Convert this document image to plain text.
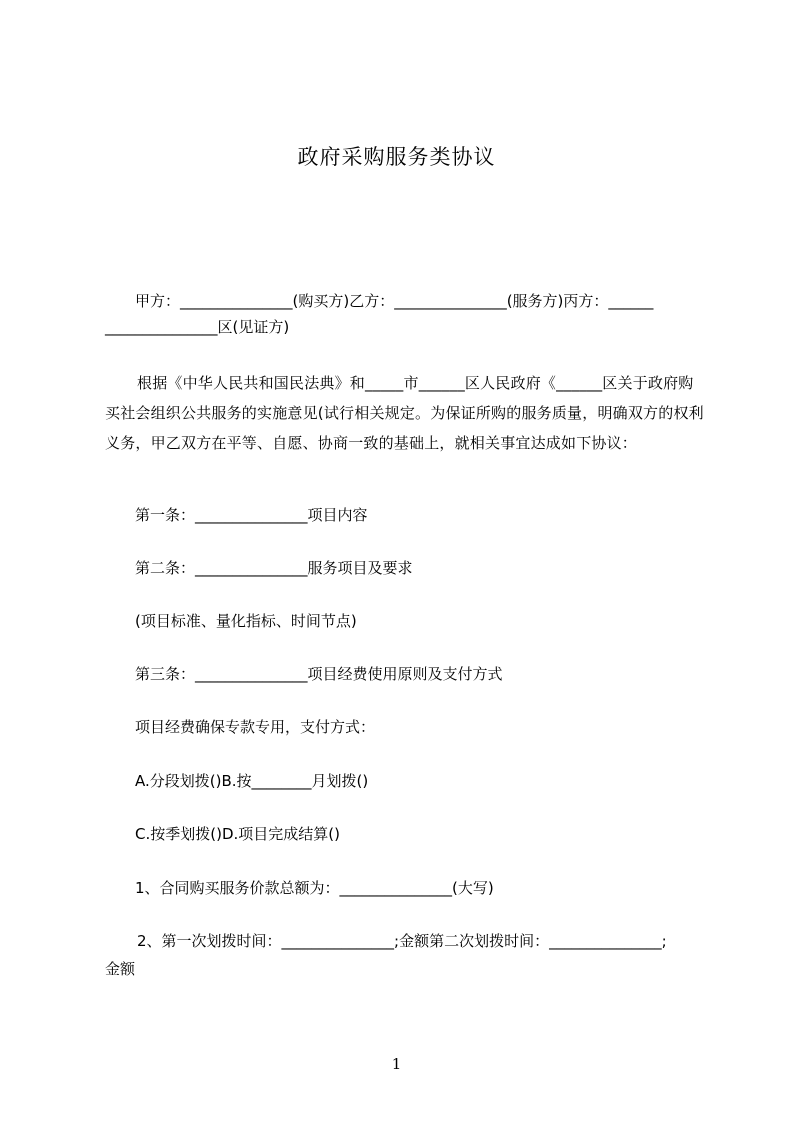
政府采购服务类协议
甲方：_______________(购买方)乙方：_______________(服务方)丙方：______
_______________区(见证方)
根据《中华人民共和国民法典》和_____市______区人民政府《______区关于政府购买社会组织公共服务的实施意见(试行相关规定。为保证所购的服务质量，明确双方的权利义务，甲乙双方在平等、自愿、协商一致的基础上，就相关事宜达成如下协议：
第一条：_______________项目内容
第二条：_______________服务项目及要求
(项目标准、量化指标、时间节点)
第三条：_______________项目经费使用原则及支付方式
项目经费确保专款专用，支付方式：
A.分段划拨()B.按________月划拨()
C.按季划拨()D.项目完成结算()
1、合同购买服务价款总额为：_______________(大写)
2、第一次划拨时间：_______________;金额第二次划拨时间：_______________;
金额
1
